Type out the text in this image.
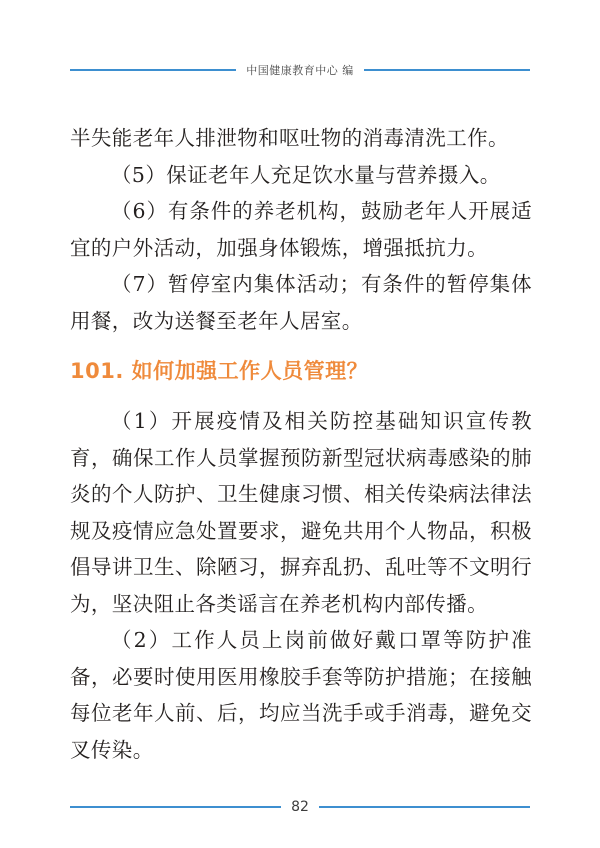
中国健康教育中心 编

半失能老年人排泄物和呕吐物的消毒清洗工作。

（5）保证老年人充足饮水量与营养摄入。

（6）有条件的养老机构，鼓励老年人开展适宜的户外活动，加强身体锻炼，增强抵抗力。

（7）暂停室内集体活动；有条件的暂停集体用餐，改为送餐至老年人居室。

101. 如何加强工作人员管理？

（1）开展疫情及相关防控基础知识宣传教育，确保工作人员掌握预防新型冠状病毒感染的肺炎的个人防护、卫生健康习惯、相关传染病法律法规及疫情应急处置要求，避免共用个人物品，积极倡导讲卫生、除陋习，摒弃乱扔、乱吐等不文明行为，坚决阻止各类谣言在养老机构内部传播。

（2）工作人员上岗前做好戴口罩等防护准备，必要时使用医用橡胶手套等防护措施；在接触每位老年人前、后，均应当洗手或手消毒，避免交叉传染。

82
